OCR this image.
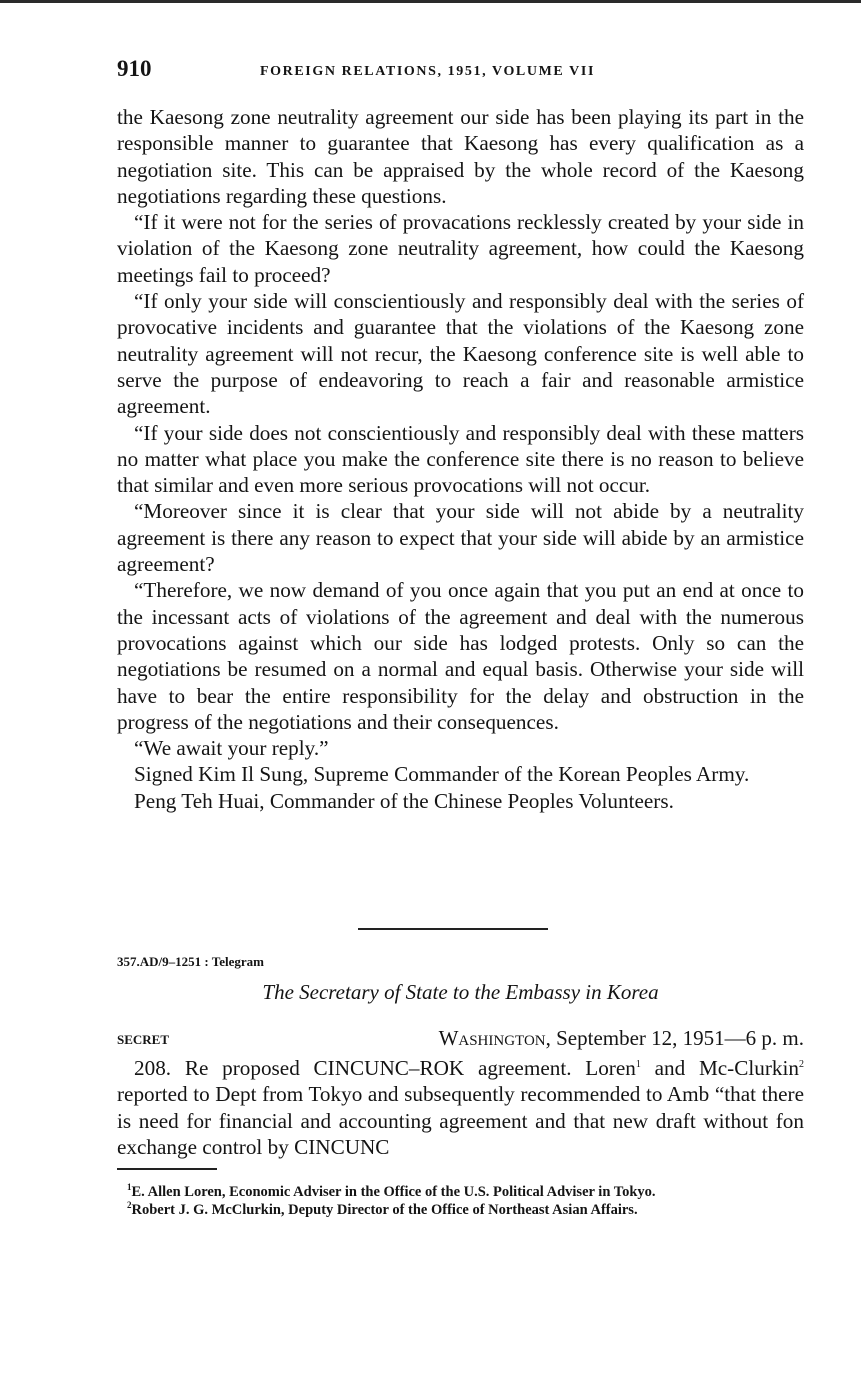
910	FOREIGN RELATIONS, 1951, VOLUME VII

the Kaesong zone neutrality agreement our side has been playing its part in the responsible manner to guarantee that Kaesong has every qualification as a negotiation site. This can be appraised by the whole record of the Kaesong negotiations regarding these questions.

“If it were not for the series of provacations recklessly created by your side in violation of the Kaesong zone neutrality agreement, how could the Kaesong meetings fail to proceed?

“If only your side will conscientiously and responsibly deal with the series of provocative incidents and guarantee that the violations of the Kaesong zone neutrality agreement will not recur, the Kaesong conference site is well able to serve the purpose of endeavoring to reach a fair and reasonable armistice agreement.

“If your side does not conscientiously and responsibly deal with these matters no matter what place you make the conference site there is no reason to believe that similar and even more serious provocations will not occur.

“Moreover since it is clear that your side will not abide by a neutrality agreement is there any reason to expect that your side will abide by an armistice agreement?

“Therefore, we now demand of you once again that you put an end at once to the incessant acts of violations of the agreement and deal with the numerous provocations against which our side has lodged protests. Only so can the negotiations be resumed on a normal and equal basis. Otherwise your side will have to bear the entire responsibility for the delay and obstruction in the progress of the negotiations and their consequences.

“We await your reply.”

Signed Kim Il Sung, Supreme Commander of the Korean Peoples Army.

Peng Teh Huai, Commander of the Chinese Peoples Volunteers.

357.AD/9–1251 : Telegram
The Secretary of State to the Embassy in Korea
SECRET	Washington, September 12, 1951—6 p. m.

208. Re proposed CINCUNC–ROK agreement. Loren$^1$ and Mc-Clurkin$^2$ reported to Dept from Tokyo and subsequently recommended to Amb “that there is need for financial and accounting agreement and that new draft without fon exchange control by CINCUNC

$^1$E. Allen Loren, Economic Adviser in the Office of the U.S. Political Adviser in Tokyo.

$^2$Robert J. G. McClurkin, Deputy Director of the Office of Northeast Asian Affairs.
